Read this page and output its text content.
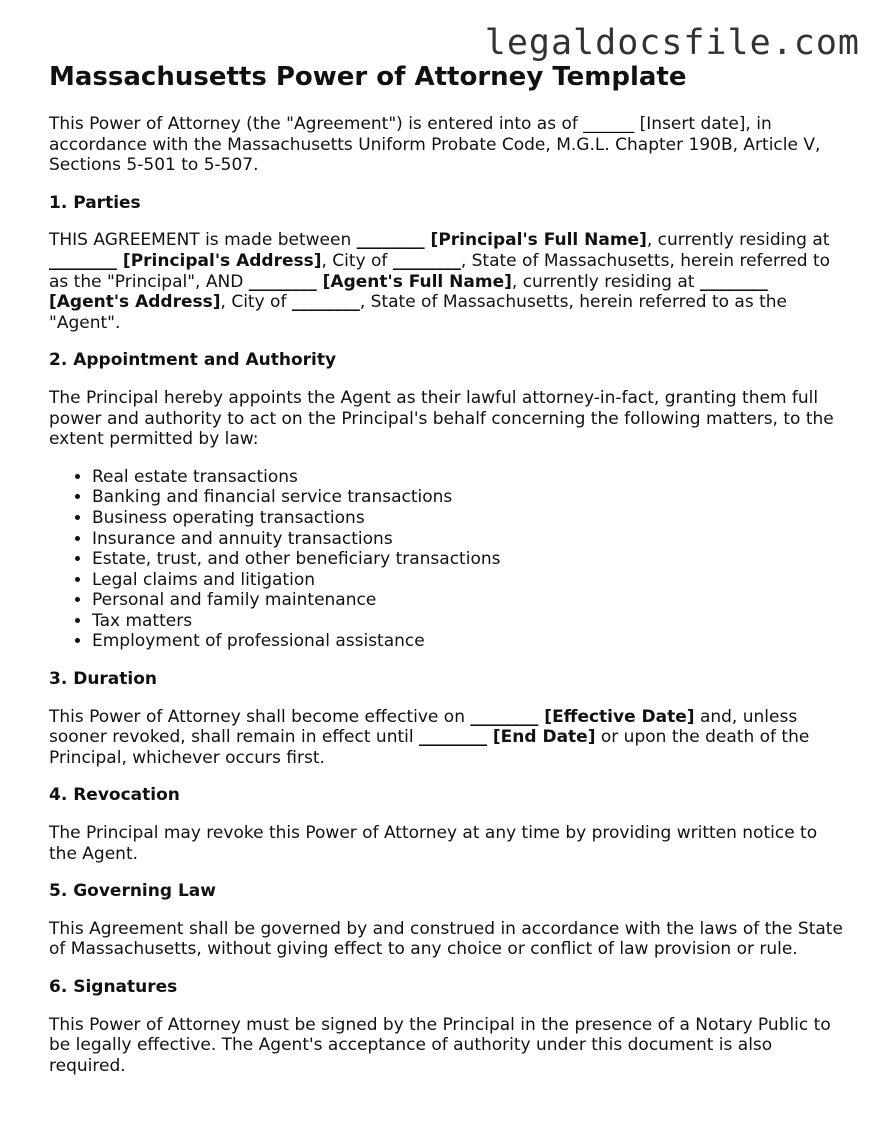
legaldocsfile.com
Massachusetts Power of Attorney Template

This Power of Attorney (the "Agreement") is entered into as of ______ [Insert date], in accordance with the Massachusetts Uniform Probate Code, M.G.L. Chapter 190B, Article V, Sections 5-501 to 5-507.

1. Parties

THIS AGREEMENT is made between ________ [Principal's Full Name], currently residing at ________ [Principal's Address], City of ________, State of Massachusetts, herein referred to as the "Principal", AND ________ [Agent's Full Name], currently residing at ________ [Agent's Address], City of ________, State of Massachusetts, herein referred to as the "Agent".

2. Appointment and Authority

The Principal hereby appoints the Agent as their lawful attorney-in-fact, granting them full power and authority to act on the Principal's behalf concerning the following matters, to the extent permitted by law:

• Real estate transactions
• Banking and financial service transactions
• Business operating transactions
• Insurance and annuity transactions
• Estate, trust, and other beneficiary transactions
• Legal claims and litigation
• Personal and family maintenance
• Tax matters
• Employment of professional assistance
3. Duration

This Power of Attorney shall become effective on ________ [Effective Date] and, unless sooner revoked, shall remain in effect until ________ [End Date] or upon the death of the Principal, whichever occurs first.

4. Revocation

The Principal may revoke this Power of Attorney at any time by providing written notice to the Agent.

5. Governing Law

This Agreement shall be governed by and construed in accordance with the laws of the State of Massachusetts, without giving effect to any choice or conflict of law provision or rule.

6. Signatures

This Power of Attorney must be signed by the Principal in the presence of a Notary Public to be legally effective. The Agent's acceptance of authority under this document is also required.
